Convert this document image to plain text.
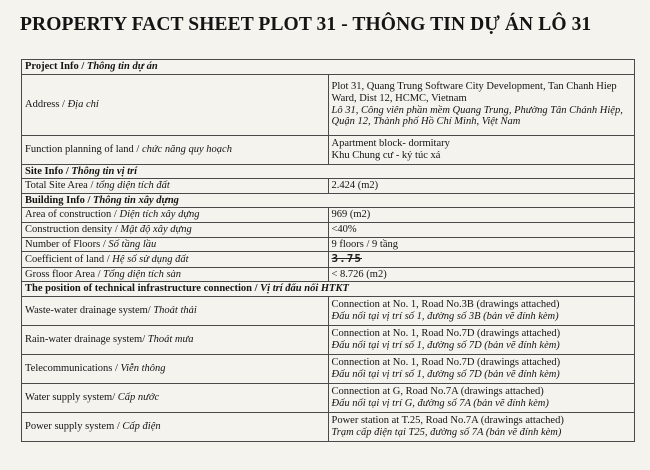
PROPERTY FACT SHEET PLOT 31 - THÔNG TIN DỰ ÁN LÔ 31
Project Info / Thông tin dự án	
Address / Địa chỉ	Plot 31, Quang Trung Software City Development, Tan Chanh Hiep Ward, Dist 12, HCMC, Vietnam
Lô 31, Công viên phần mềm Quang Trung, Phường Tân Chánh Hiệp, Quận 12, Thành phố Hồ Chí Minh, Việt Nam

Function planning of land / chức năng quy hoạch	Apartment block- dormitary
Khu Chung cư - ký túc xá

Site Info / Thông tin vị trí	
Total Site Area / tổng diện tích đất	2.424 (m2)
Building Info / Thông tin xây dựng	
Area of construction / Diện tích xây dựng	969 (m2)
Construction density / Mật độ xây dựng	<40%
Number of Floors / Số tầng lầu	9 floors / 9 tầng
Coefficient of land / Hệ số sử dụng đất	3.75
Gross floor Area / Tổng diện tích sàn	< 8.726 (m2)
The position of technical infrastructure connection / Vị trí đấu nối HTKT	
Waste-water drainage system/ Thoát thải	Connection at No. 1, Road No.3B (drawings attached)
Đấu nối tại vị trí số 1, đường số 3B (bản vẽ đính kèm)

Rain-water drainage system/ Thoát mưa	Connection at No. 1, Road No.7D (drawings attached)
Đấu nối tại vị trí số 1, đường số 7D (bản vẽ đính kèm)

Telecommunications / Viễn thông	Connection at No. 1, Road No.7D (drawings attached)
Đấu nối tại vị trí số 1, đường số 7D (bản vẽ đính kèm)

Water supply system/ Cấp nước	Connection at G, Road No.7A (drawings attached)
Đấu nối tại vị trí G, đường số 7A (bản vẽ đính kèm)

Power supply system / Cấp điện	Power station at T.25, Road No.7A (drawings attached)
Trạm cấp điện tại T25, đường số 7A (bản vẽ đính kèm)
